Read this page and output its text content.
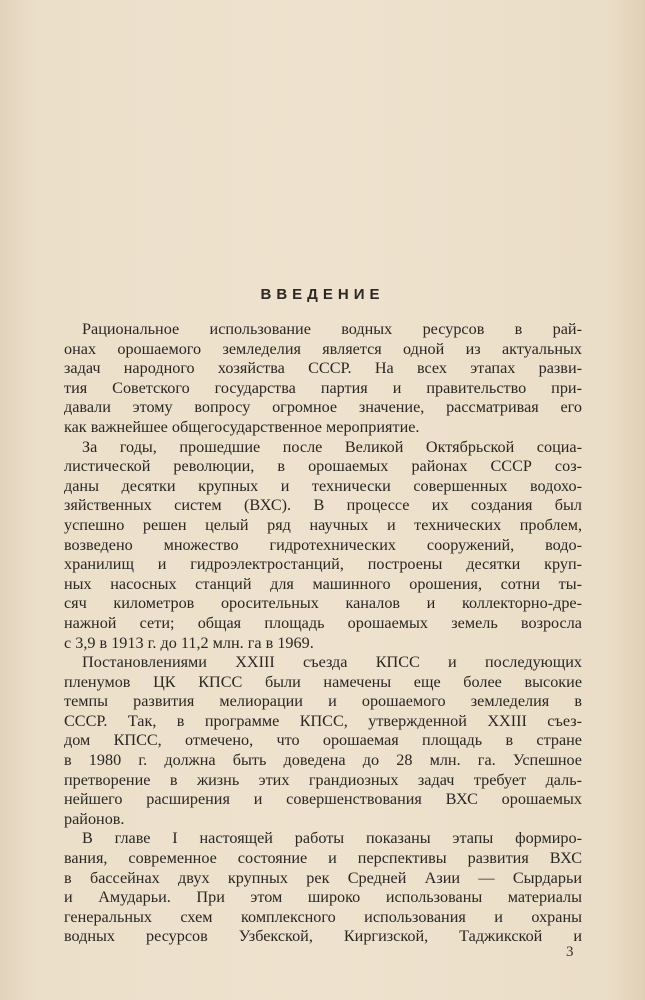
ВВЕДЕНИЕ

Рациональное использование водных ресурсов в рай-
онах орошаемого земледелия является одной из актуальных
задач народного хозяйства СССР. На всех этапах разви-
тия Советского государства партия и правительство при-
давали этому вопросу огромное значение, рассматривая его
как важнейшее общегосударственное мероприятие.

За годы, прошедшие после Великой Октябрьской социа-
листической революции, в орошаемых районах СССР соз-
даны десятки крупных и технически совершенных водохо-
зяйственных систем (ВХС). В процессе их создания был
успешно решен целый ряд научных и технических проблем,
возведено множество гидротехнических сооружений, водо-
хранилищ и гидроэлектростанций, построены десятки круп-
ных насосных станций для машинного орошения, сотни ты-
сяч километров оросительных каналов и коллекторно-дре-
нажной сети; общая площадь орошаемых земель возросла
с 3,9 в 1913 г. до 11,2 млн. га в 1969.

Постановлениями XXIII съезда КПСС и последующих
пленумов ЦК КПСС были намечены еще более высокие
темпы развития мелиорации и орошаемого земледелия в
СССР. Так, в программе КПСС, утвержденной XXIII съез-
дом КПСС, отмечено, что орошаемая площадь в стране
в 1980 г. должна быть доведена до 28 млн. га. Успешное
претворение в жизнь этих грандиозных задач требует даль-
нейшего расширения и совершенствования ВХС орошаемых
районов.

В главе I настоящей работы показаны этапы формиро-
вания, современное состояние и перспективы развития ВХС
в бассейнах двух крупных рек Средней Азии — Сырдарьи
и Амударьи. При этом широко использованы материалы
генеральных схем комплексного использования и охраны
водных ресурсов Узбекской, Киргизской, Таджикской и

3
